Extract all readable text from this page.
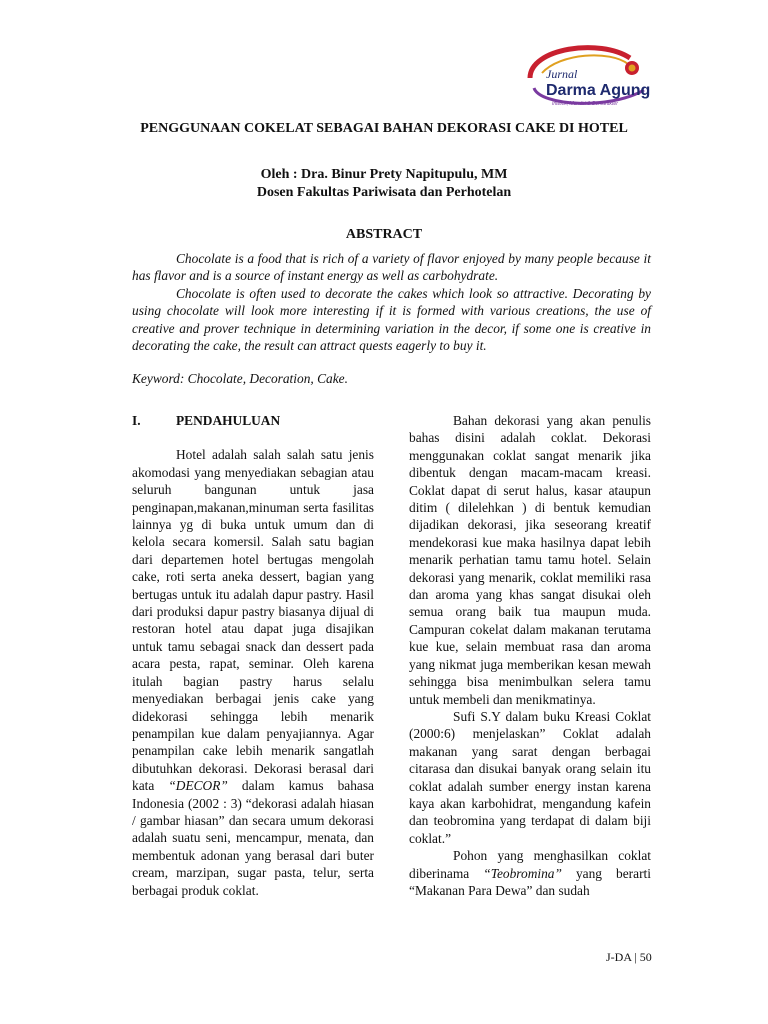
Jurnal
Darma Agung
Intelek, Mandiri & Berkarakter
PENGGUNAAN COKELAT SEBAGAI BAHAN DEKORASI CAKE DI HOTEL
Oleh : Dra. Binur Prety Napitupulu, MM
Dosen Fakultas Pariwisata dan Perhotelan
ABSTRACT

Chocolate is a food that is rich of a variety of flavor enjoyed by many people because it has flavor and is a source of instant energy as well as carbohydrate.

Chocolate is often used to decorate the cakes which look so attractive. Decorating by using chocolate will look more interesting if it is formed with various creations, the use of creative and prover technique in determining variation in the decor, if some one is creative in decorating the cake, the result can attract quests eagerly to buy it.

Keyword: Chocolate, Decoration, Cake.
I.	PENDAHULUAN

Hotel adalah salah salah satu jenis akomodasi yang menyediakan sebagian atau seluruh bangunan untuk jasa penginapan,makanan,minuman serta fasilitas lainnya yg di buka untuk umum dan di kelola secara komersil. Salah satu bagian dari departemen hotel bertugas mengolah cake, roti serta aneka dessert, bagian yang bertugas untuk itu adalah dapur pastry. Hasil dari produksi dapur pastry biasanya dijual di restoran hotel atau dapat juga disajikan untuk tamu sebagai snack dan dessert pada acara pesta, rapat, seminar. Oleh karena itulah bagian pastry harus selalu menyediakan berbagai jenis cake yang didekorasi sehingga lebih menarik penampilan kue dalam penyajiannya. Agar penampilan cake lebih menarik sangatlah dibutuhkan dekorasi. Dekorasi berasal dari kata “DECOR” dalam kamus bahasa Indonesia (2002 : 3) “dekorasi adalah hiasan / gambar hiasan” dan secara umum dekorasi adalah suatu seni, mencampur, menata, dan membentuk adonan yang berasal dari buter cream, marzipan, sugar pasta, telur, serta berbagai produk coklat.

Bahan dekorasi yang akan penulis bahas disini adalah coklat. Dekorasi menggunakan coklat sangat menarik jika dibentuk dengan macam-macam kreasi. Coklat dapat di serut halus, kasar ataupun ditim ( dilelehkan ) di bentuk kemudian dijadikan dekorasi, jika seseorang kreatif mendekorasi kue maka hasilnya dapat lebih menarik perhatian tamu tamu hotel. Selain dekorasi yang menarik, coklat memiliki rasa dan aroma yang khas sangat disukai oleh semua orang baik tua maupun muda. Campuran cokelat dalam makanan terutama kue kue, selain membuat rasa dan aroma yang nikmat juga memberikan kesan mewah sehingga bisa menimbulkan selera tamu untuk membeli dan menikmatinya.

Sufi S.Y dalam buku Kreasi Coklat (2000:6) menjelaskan” Coklat adalah makanan yang sarat dengan berbagai citarasa dan disukai banyak orang selain itu coklat adalah sumber energy instan karena kaya akan karbohidrat, mengandung kafein dan teobromina yang terdapat di dalam biji coklat.”

Pohon yang menghasilkan coklat diberinama “Teobromina” yang berarti “Makanan Para Dewa” dan sudah

J-DA | 50
